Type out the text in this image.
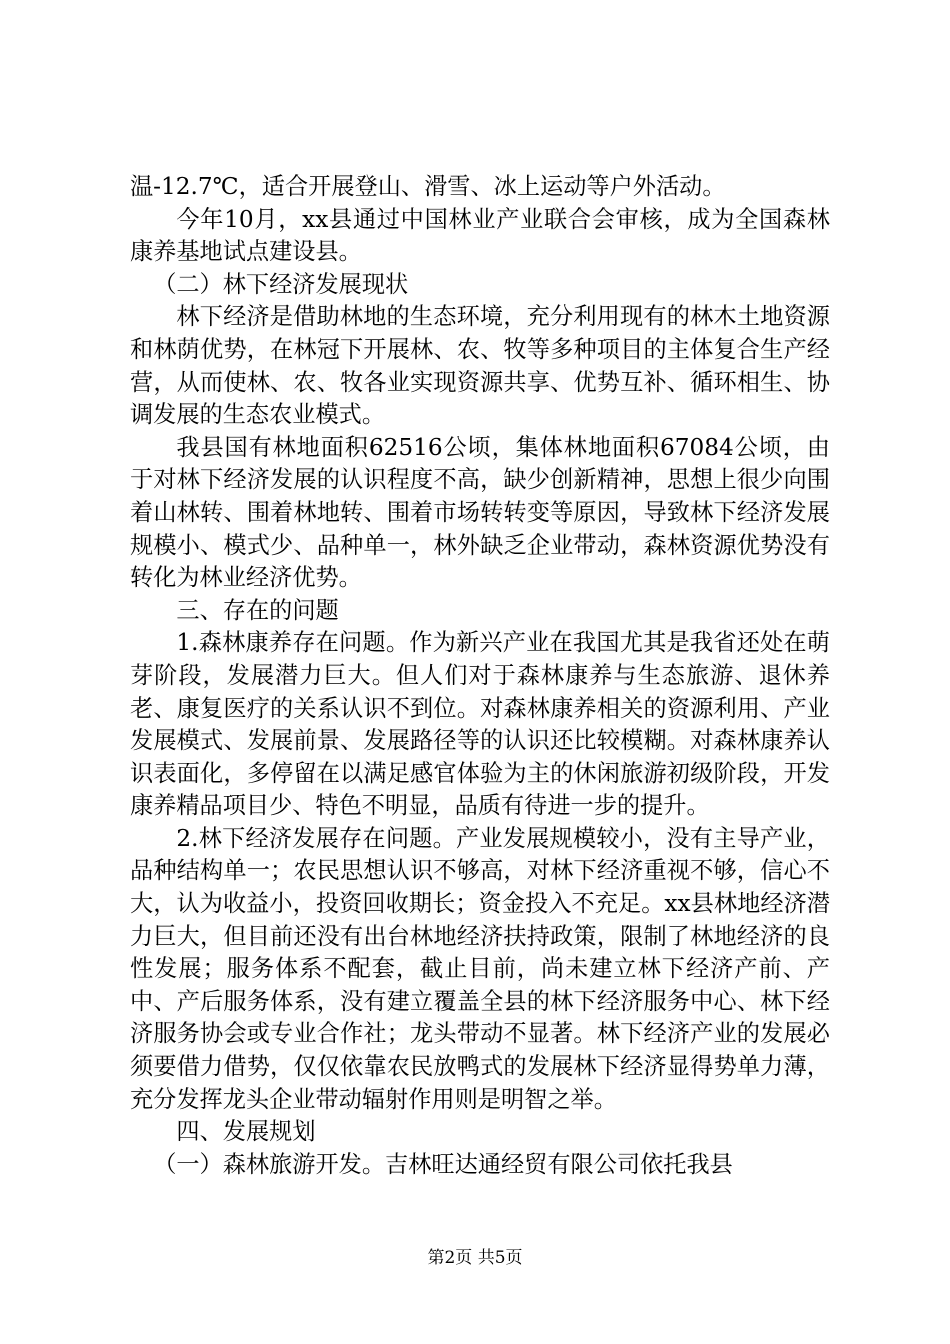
温-12.7℃，适合开展登山、滑雪、冰上运动等户外活动。

今年10月，xx县通过中国林业产业联合会审核，成为全国森林康养基地试点建设县。

（二）林下经济发展现状

林下经济是借助林地的生态环境，充分利用现有的林木土地资源和林荫优势，在林冠下开展林、农、牧等多种项目的主体复合生产经营，从而使林、农、牧各业实现资源共享、优势互补、循环相生、协调发展的生态农业模式。

我县国有林地面积62516公顷，集体林地面积67084公顷，由于对林下经济发展的认识程度不高，缺少创新精神，思想上很少向围着山林转、围着林地转、围着市场转转变等原因，导致林下经济发展规模小、模式少、品种单一，林外缺乏企业带动，森林资源优势没有转化为林业经济优势。

三、存在的问题

1.森林康养存在问题。作为新兴产业在我国尤其是我省还处在萌芽阶段，发展潜力巨大。但人们对于森林康养与生态旅游、退休养老、康复医疗的关系认识不到位。对森林康养相关的资源利用、产业发展模式、发展前景、发展路径等的认识还比较模糊。对森林康养认识表面化，多停留在以满足感官体验为主的休闲旅游初级阶段，开发康养精品项目少、特色不明显，品质有待进一步的提升。

2.林下经济发展存在问题。产业发展规模较小，没有主导产业，品种结构单一；农民思想认识不够高，对林下经济重视不够，信心不大，认为收益小，投资回收期长；资金投入不充足。xx县林地经济潜力巨大，但目前还没有出台林地经济扶持政策，限制了林地经济的良性发展；服务体系不配套，截止目前，尚未建立林下经济产前、产中、产后服务体系，没有建立覆盖全县的林下经济服务中心、林下经济服务协会或专业合作社；龙头带动不显著。林下经济产业的发展必须要借力借势，仅仅依靠农民放鸭式的发展林下经济显得势单力薄，充分发挥龙头企业带动辐射作用则是明智之举。

四、发展规划

（一）森林旅游开发。吉林旺达通经贸有限公司依托我县

第2页 共5页
